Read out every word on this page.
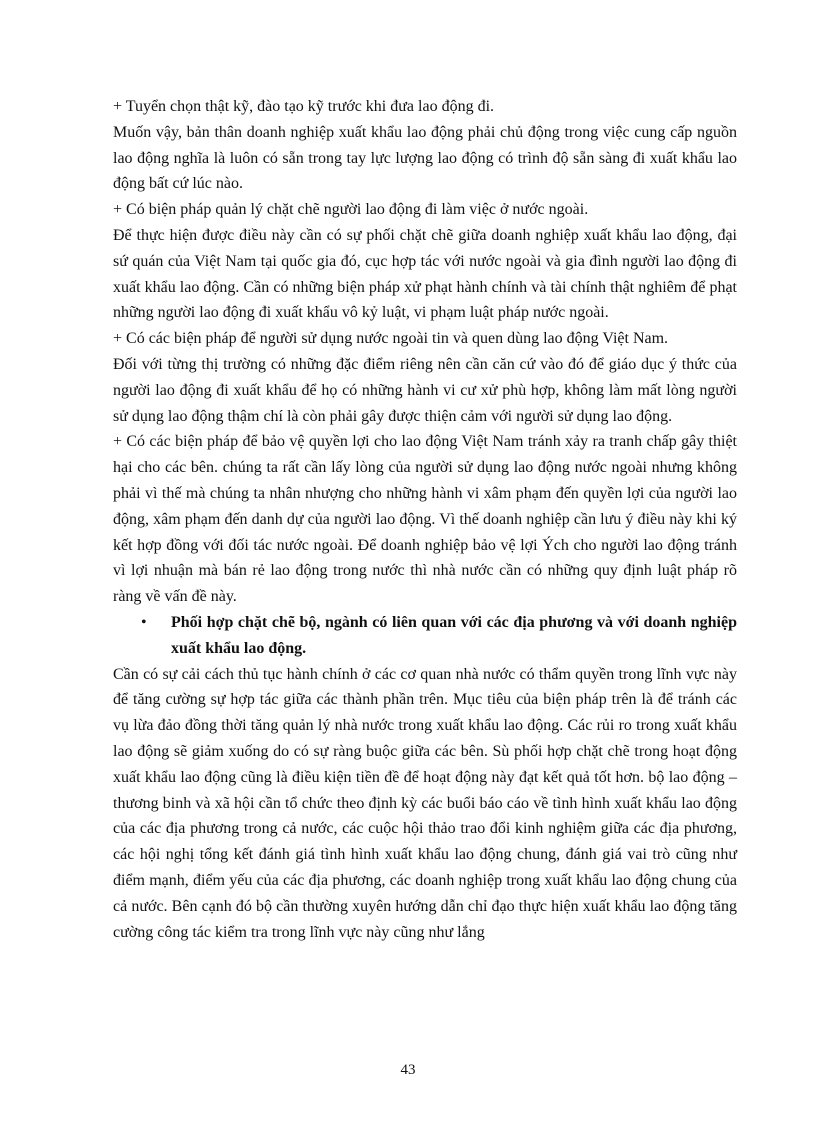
+ Tuyển chọn thật kỹ, đào tạo kỹ trước khi đưa lao động đi.

Muốn vậy, bản thân doanh nghiệp xuất khẩu lao động phải chủ động trong việc cung cấp nguồn lao động nghĩa là luôn có sẵn trong tay lực lượng lao động có trình độ sẵn sàng đi xuất khẩu lao động bất cứ lúc nào.

+ Có biện pháp quản lý chặt chẽ người lao động đi làm việc ở nước ngoài.

Để thực hiện được điều này cần có sự phối chặt chẽ giữa doanh nghiệp xuất khẩu lao động, đại sứ quán của Việt Nam tại quốc gia đó, cục hợp tác với nước ngoài và gia đình người lao động đi xuất khẩu lao động. Cần có những biện pháp xử phạt hành chính và tài chính thật nghiêm để phạt những người lao động đi xuất khẩu vô kỷ luật, vi phạm luật pháp nước ngoài.

+ Có các biện pháp để người sử dụng nước ngoài tin và quen dùng lao động Việt Nam.

Đối với từng thị trường có những đặc điểm riêng nên cần căn cứ vào đó để giáo dục ý thức của người lao động đi xuất khẩu để họ có những hành vi cư xử phù hợp, không làm mất lòng người sử dụng lao động thậm chí là còn phải gây được thiện cảm với người sử dụng lao động.

+ Có các biện pháp để bảo vệ quyền lợi cho lao động Việt Nam tránh xảy ra tranh chấp gây thiệt hại cho các bên. chúng ta rất cần lấy lòng của người sử dụng lao động nước ngoài nhưng không phải vì thế mà chúng ta nhân nhượng cho những hành vi xâm phạm đến quyền lợi của người lao động, xâm phạm đến danh dự của người lao động. Vì thế doanh nghiệp cần lưu ý điều này khi ký kết hợp đồng với đối tác nước ngoài. Để doanh nghiệp bảo vệ lợi Ých cho người lao động tránh vì lợi nhuận mà bán rẻ lao động trong nước thì nhà nước cần có những quy định luật pháp rõ ràng về vấn đề này.

•	Phối hợp chặt chẽ bộ, ngành có liên quan với các địa phương và với doanh nghiệp xuất khẩu lao động.

Cần có sự cải cách thủ tục hành chính ở các cơ quan nhà nước có thẩm quyền trong lĩnh vực này để tăng cường sự hợp tác giữa các thành phần trên. Mục tiêu của biện pháp trên là để tránh các vụ lừa đảo đồng thời tăng quản lý nhà nước trong xuất khẩu lao động. Các rủi ro trong xuất khẩu lao động sẽ giảm xuống do có sự ràng buộc giữa các bên. Sù phối hợp chặt chẽ trong hoạt động xuất khẩu lao động cũng là điều kiện tiền đề để hoạt động này đạt kết quả tốt hơn. bộ lao động – thương binh và xã hội cần tổ chức theo định kỳ các buổi báo cáo về tình hình xuất khẩu lao động của các địa phương trong cả nước, các cuộc hội thảo trao đổi kinh nghiệm giữa các địa phương, các hội nghị tổng kết đánh giá tình hình xuất khẩu lao động chung, đánh giá vai trò cũng như điểm mạnh, điểm yếu của các địa phương, các doanh nghiệp trong xuất khẩu lao động chung của cả nước. Bên cạnh đó bộ cần thường xuyên hướng dẫn chỉ đạo thực hiện xuất khẩu lao động tăng cường công tác kiểm tra trong lĩnh vực này cũng như lắng

43
